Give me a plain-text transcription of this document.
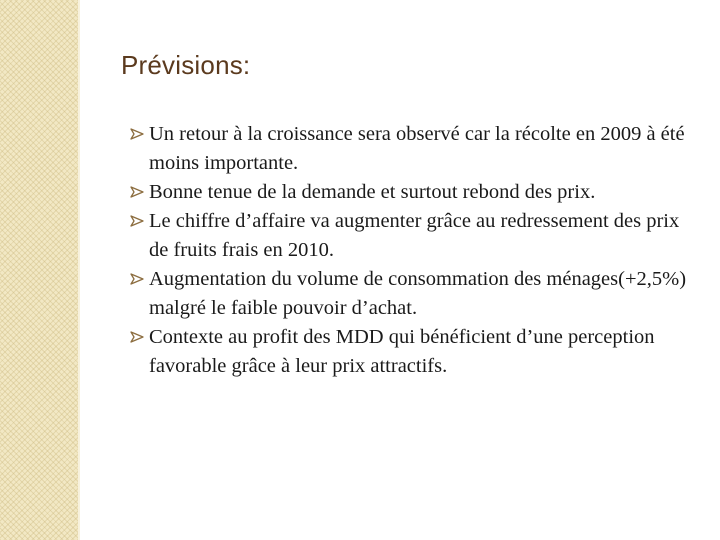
Prévisions:
Un retour à la croissance sera observé car la récolte en 2009 à été moins importante.
Bonne tenue de la demande et surtout rebond des prix.
Le chiffre d’affaire va augmenter grâce au redressement des prix de fruits frais en 2010.
Augmentation du volume de consommation des ménages(+2,5%) malgré le faible pouvoir d’achat.
Contexte au profit des MDD qui bénéficient d’une perception favorable grâce à leur prix attractifs.
